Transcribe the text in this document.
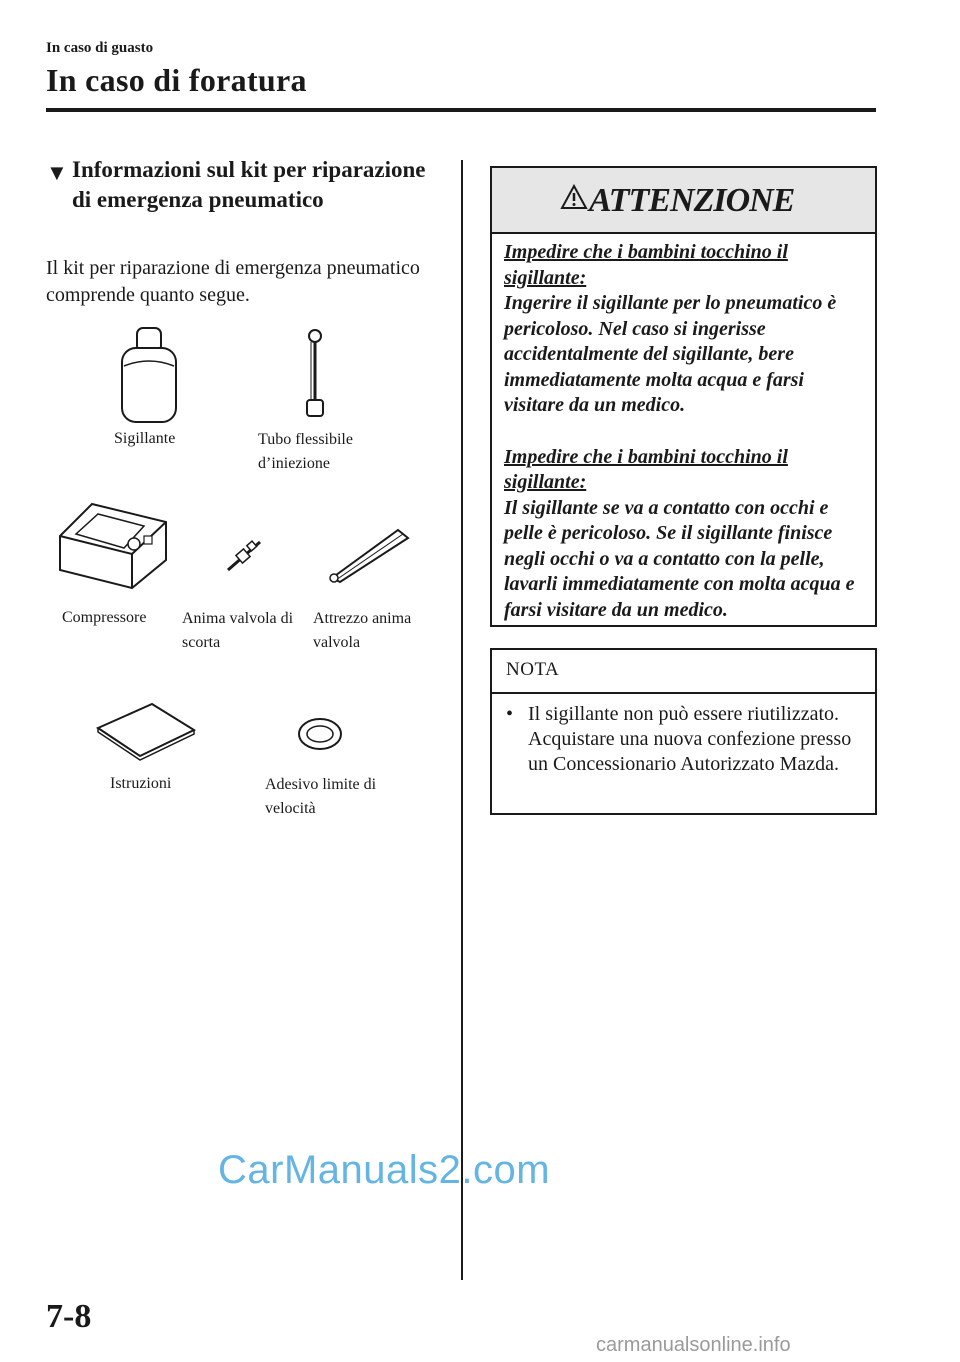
In caso di guasto
In caso di foratura
▼ Informazioni sul kit per riparazione di emergenza pneumatico
Il kit per riparazione di emergenza pneumatico comprende quanto segue.
Sigillante	Tubo flessibile d’iniezione
Compressore Anima valvola di scorta
Attrezzo anima valvola
Istruzioni	Adesivo limite di velocità
ATTENZIONE
Impedire che i bambini tocchino il sigillante:

Ingerire il sigillante per lo pneumatico è pericoloso. Nel caso si ingerisse accidentalmente del sigillante, bere immediatamente molta acqua e farsi visitare da un medico.

Impedire che i bambini tocchino il sigillante:

Il sigillante se va a contatto con occhi e pelle è pericoloso. Se il sigillante finisce negli occhi o va a contatto con la pelle, lavarli immediatamente con molta acqua e farsi visitare da un medico.

NOTA
• Il sigillante non può essere riutilizzato. Acquistare una nuova confezione presso un Concessionario Autorizzato Mazda.
CarManuals2.com
7-8
carmanualsonline.info
